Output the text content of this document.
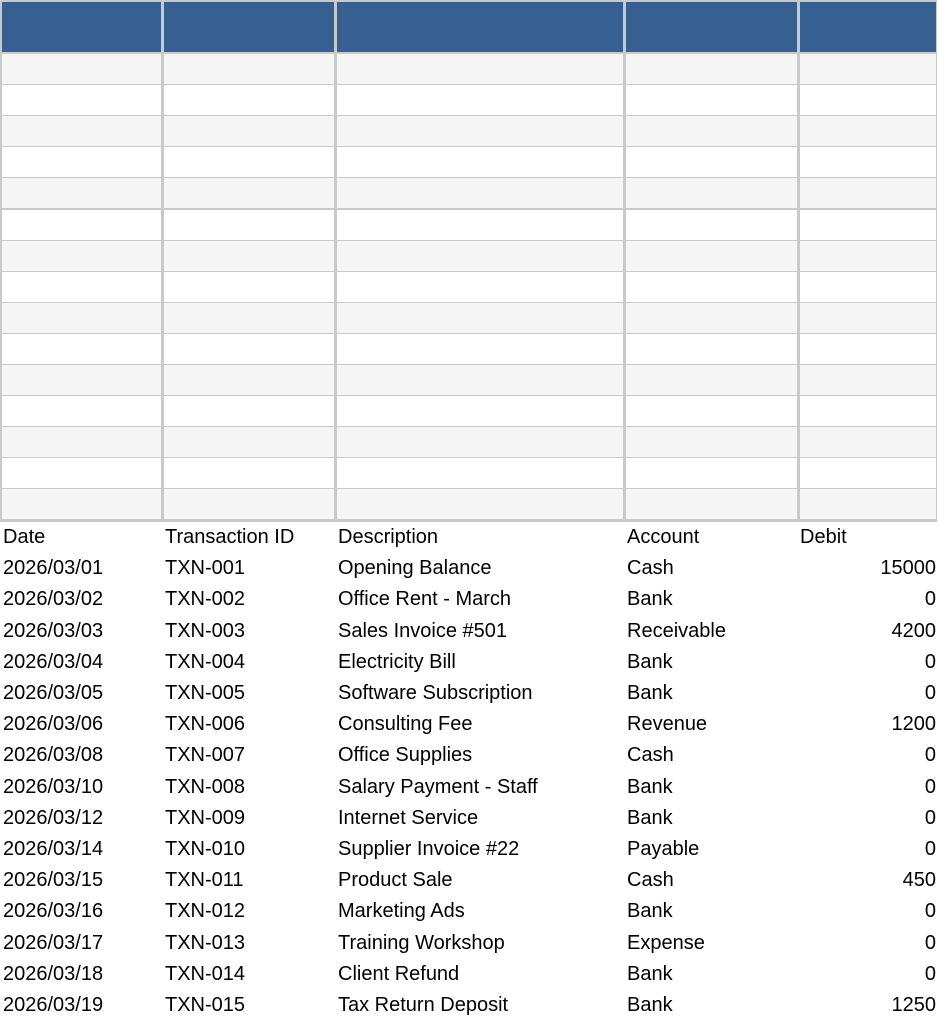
Date	Transaction ID	Description	Account	Debit
2026/03/01	TXN-001	Opening Balance	Cash	15000
2026/03/02	TXN-002	Office Rent - March	Bank	0
2026/03/03	TXN-003	Sales Invoice #501	Receivable	4200
2026/03/04	TXN-004	Electricity Bill	Bank	0
2026/03/05	TXN-005	Software Subscription	Bank	0
2026/03/06	TXN-006	Consulting Fee	Revenue	1200
2026/03/08	TXN-007	Office Supplies	Cash	0
2026/03/10	TXN-008	Salary Payment - Staff	Bank	0
2026/03/12	TXN-009	Internet Service	Bank	0
2026/03/14	TXN-010	Supplier Invoice #22	Payable	0
2026/03/15	TXN-011	Product Sale	Cash	450
2026/03/16	TXN-012	Marketing Ads	Bank	0
2026/03/17	TXN-013	Training Workshop	Expense	0
2026/03/18	TXN-014	Client Refund	Bank	0
2026/03/19	TXN-015	Tax Return Deposit	Bank	1250
